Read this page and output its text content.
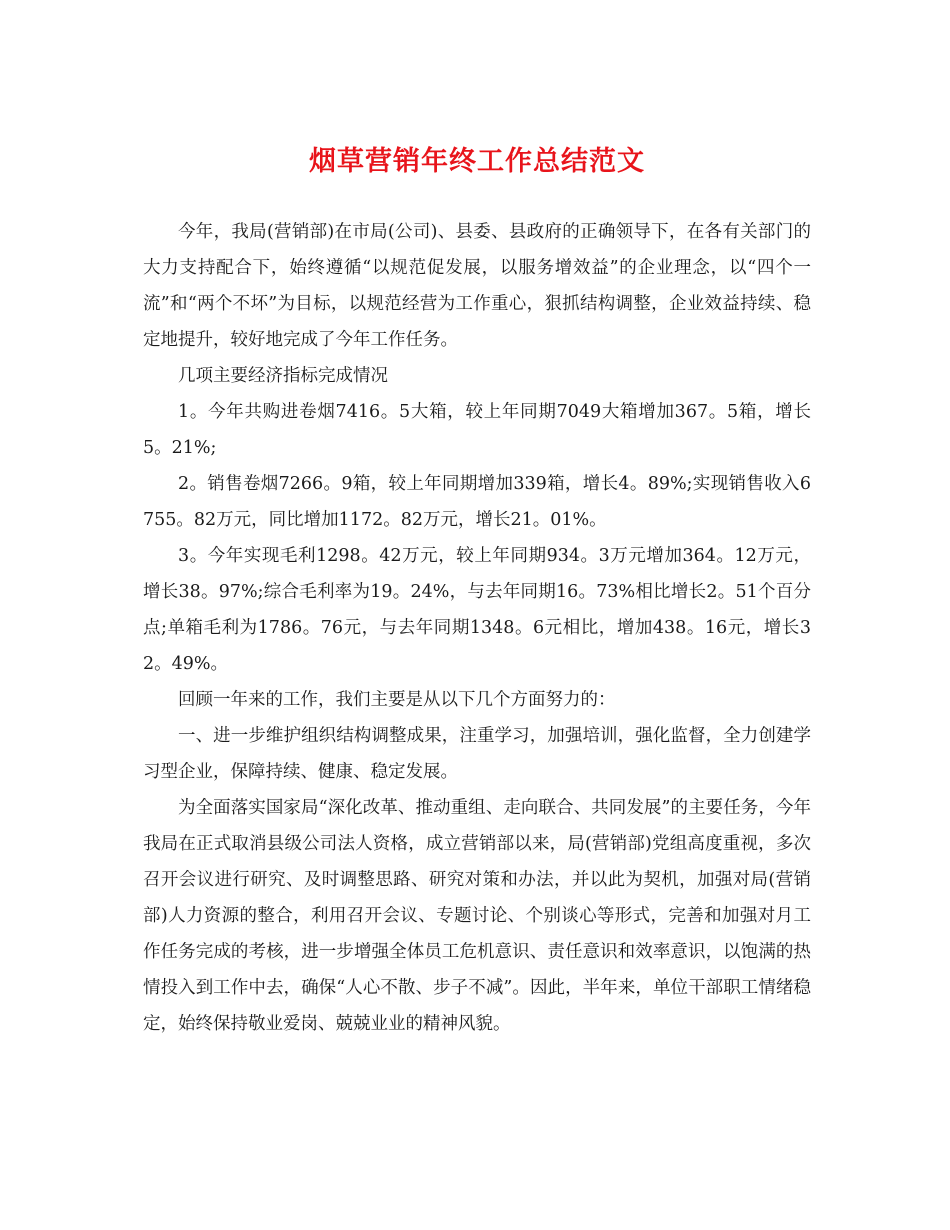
烟草营销年终工作总结范文

今年，我局(营销部)在市局(公司)、县委、县政府的正确领导下，在各有关部门的大力支持配合下，始终遵循“以规范促发展，以服务增效益”的企业理念，以“四个一流”和“两个不坏”为目标，以规范经营为工作重心，狠抓结构调整，企业效益持续、稳定地提升，较好地完成了今年工作任务。

几项主要经济指标完成情况

1。今年共购进卷烟7416。5大箱，较上年同期7049大箱增加367。5箱，增长5。21%;

2。销售卷烟7266。9箱，较上年同期增加339箱，增长4。89%;实现销售收入6755。82万元，同比增加1172。82万元，增长21。01%。

3。今年实现毛利1298。42万元，较上年同期934。3万元增加364。12万元，增长38。97%;综合毛利率为19。24%，与去年同期16。73%相比增长2。51个百分点;单箱毛利为1786。76元，与去年同期1348。6元相比，增加438。16元，增长32。49%。

回顾一年来的工作，我们主要是从以下几个方面努力的：

一、进一步维护组织结构调整成果，注重学习，加强培训，强化监督，全力创建学习型企业，保障持续、健康、稳定发展。

为全面落实国家局“深化改革、推动重组、走向联合、共同发展”的主要任务，今年我局在正式取消县级公司法人资格，成立营销部以来，局(营销部)党组高度重视，多次召开会议进行研究、及时调整思路、研究对策和办法，并以此为契机，加强对局(营销部)人力资源的整合，利用召开会议、专题讨论、个别谈心等形式，完善和加强对月工作任务完成的考核，进一步增强全体员工危机意识、责任意识和效率意识，以饱满的热情投入到工作中去，确保“人心不散、步子不减”。因此，半年来，单位干部职工情绪稳定，始终保持敬业爱岗、兢兢业业的精神风貌。
